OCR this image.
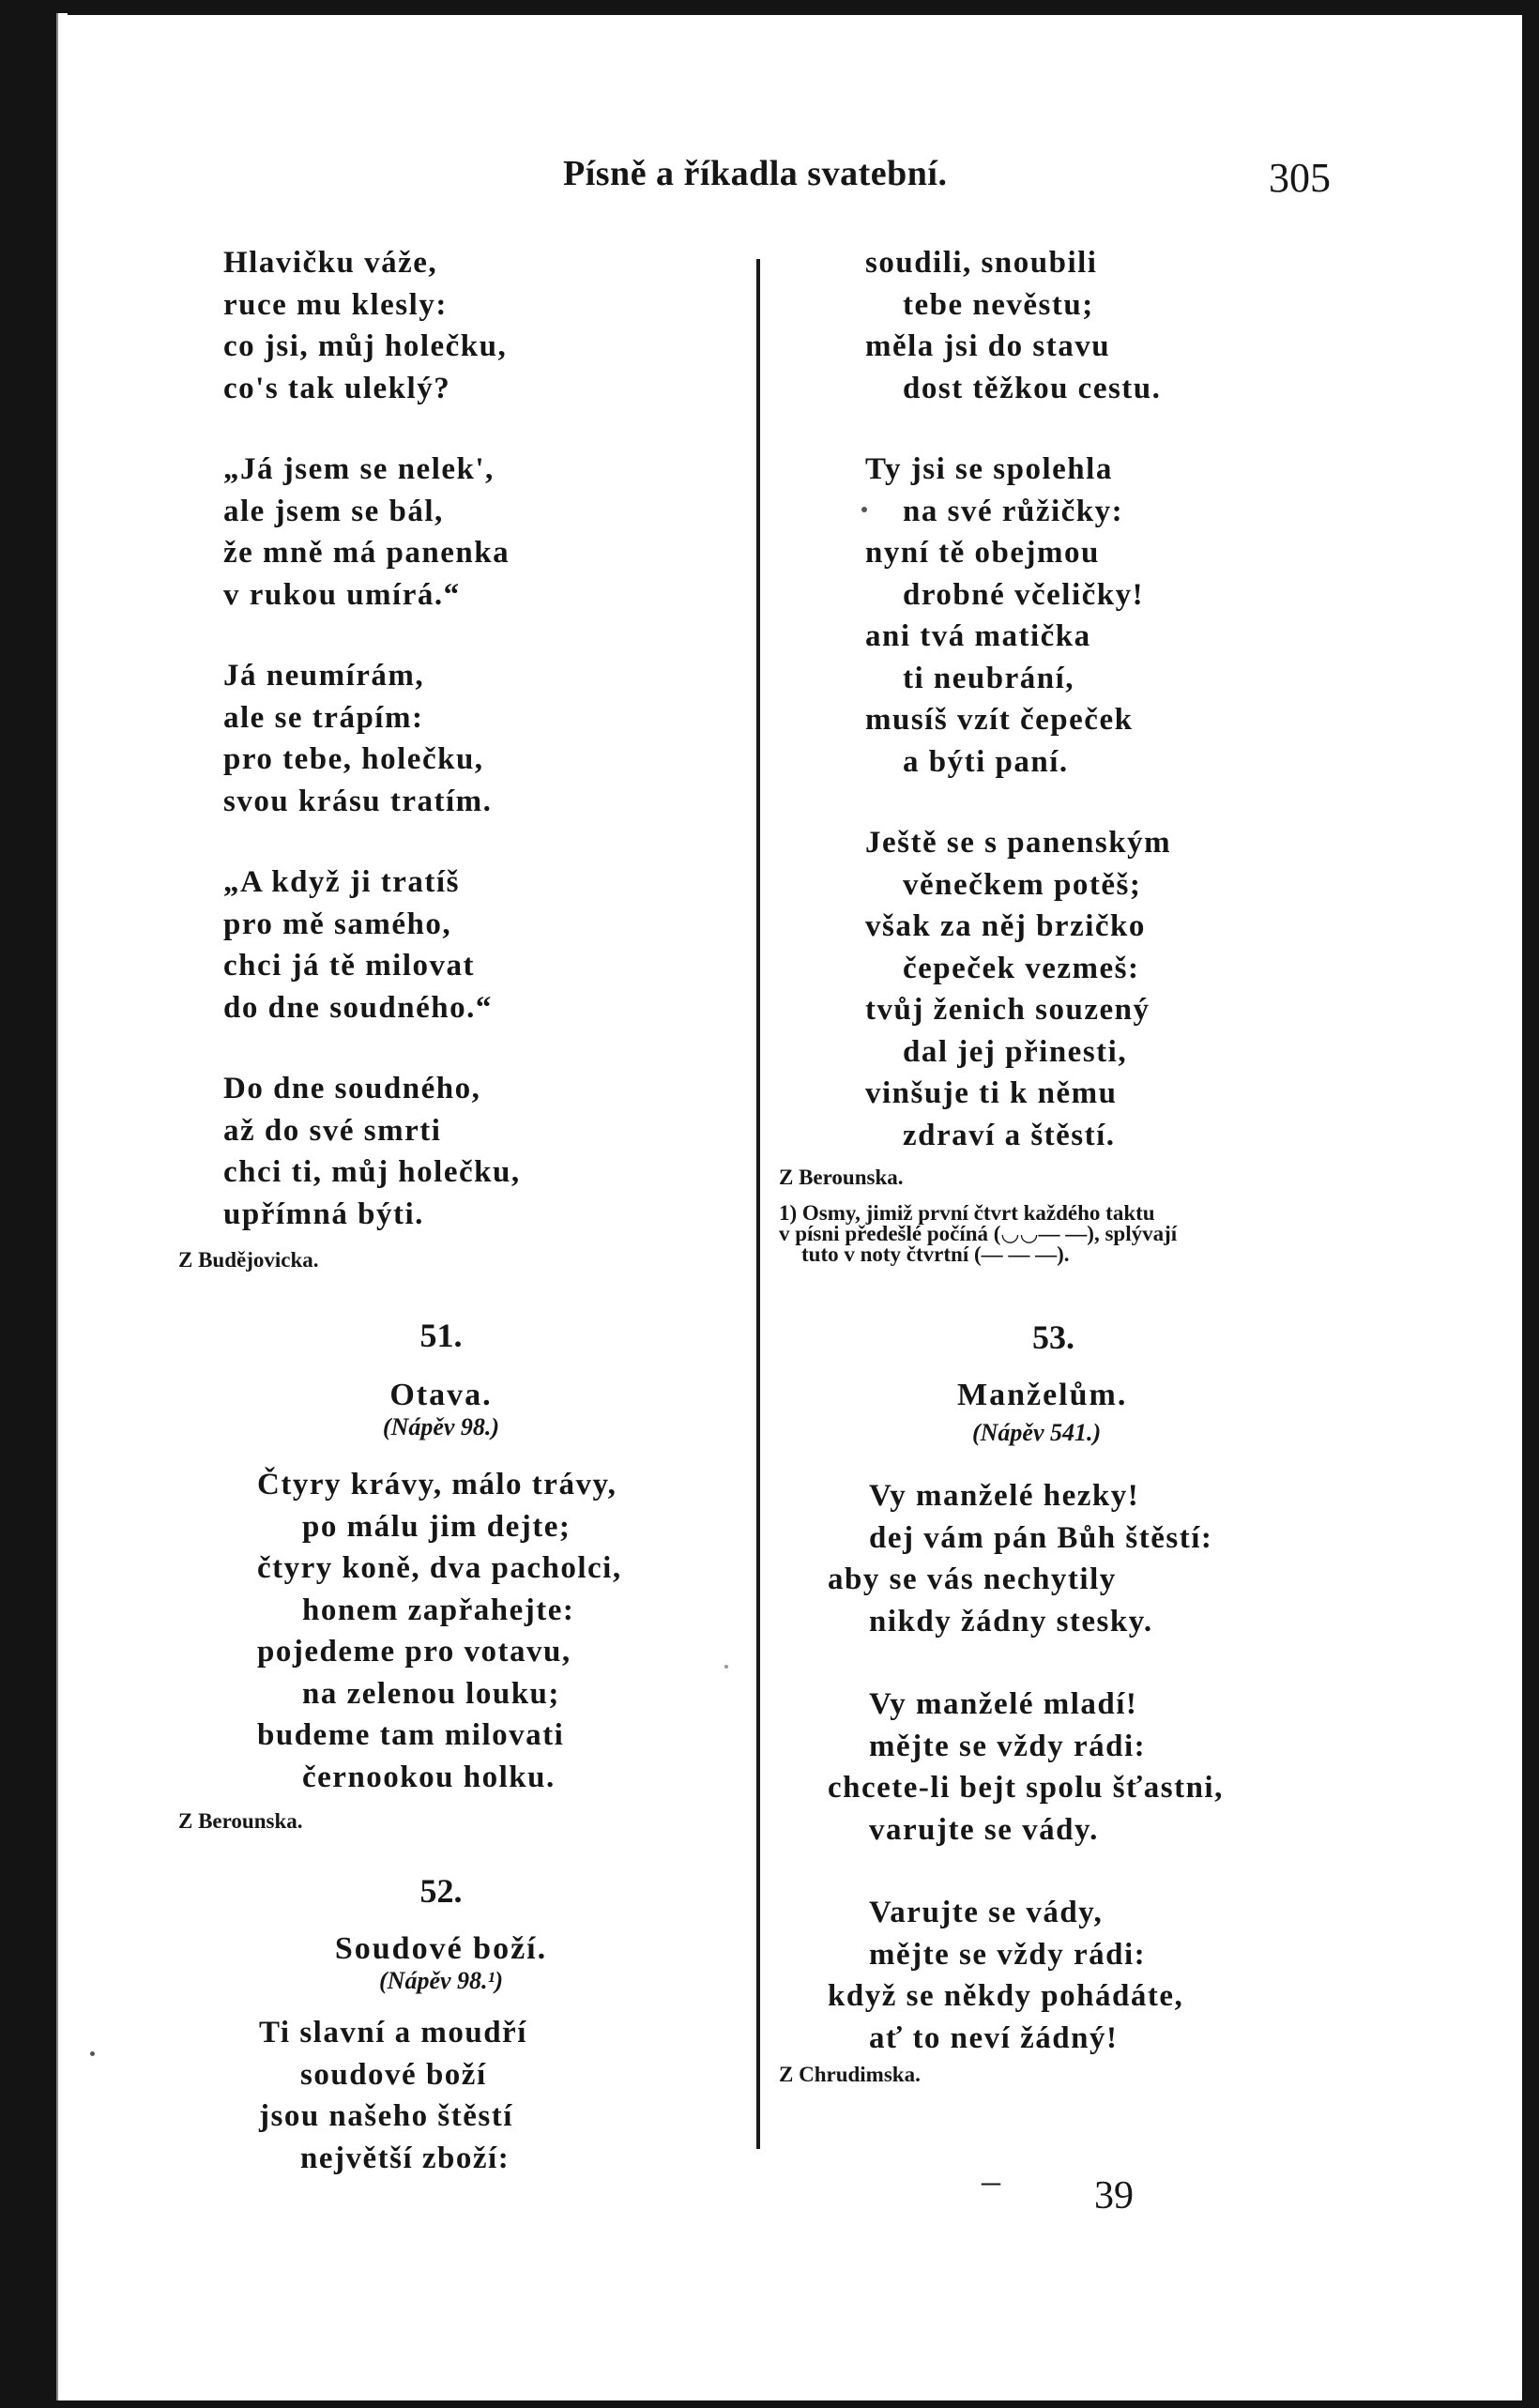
Písně a říkadla svatební.	305
Hlavičku váže,
ruce mu klesly:
co jsi, můj holečku,
co's tak uleklý?
„Já jsem se nelek',
ale jsem se bál,
že mně má panenka
v rukou umírá.“
Já neumírám,
ale se trápím:
pro tebe, holečku,
svou krásu tratím.
„A když ji tratíš
pro mě samého,
chci já tě milovat
do dne soudného.“
Do dne soudného,
až do své smrti
chci ti, můj holečku,
upřímná býti.
Z Budějovicka.
51.
Otava.
(Nápěv 98.)
Čtyry krávy, málo trávy,
po málu jim dejte;
čtyry koně, dva pacholci,
honem zapřahejte:
pojedeme pro votavu,
na zelenou louku;
budeme tam milovati
černookou holku.
Z Berounska.
52.
Soudové boží.
(Nápěv 98.¹)
Ti slavní a moudří
soudové boží
jsou našeho štěstí
největší zboží:
soudili, snoubili
tebe nevěstu;
měla jsi do stavu
dost těžkou cestu.
Ty jsi se spolehla
na své růžičky:
nyní tě obejmou
drobné včeličky!
ani tvá matička
ti neubrání,
musíš vzít čepeček
a býti paní.
Ještě se s panenským
věnečkem potěš;
však za něj brzičko
čepeček vezmeš:
tvůj ženich souzený
dal jej přinesti,
vinšuje ti k němu
zdraví a štěstí.
Z Berounska.
1) Osmy, jimiž první čtvrt každého taktu
v písni předešlé počíná (◡◡— —), splývají
tuto v noty čtvrtní (— — —).
53.
Manželům.
(Nápěv 541.)
Vy manželé hezky!
dej vám pán Bůh štěstí:
aby se vás nechytily
nikdy žádny stesky.
Vy manželé mladí!
mějte se vždy rádi:
chcete-li bejt spolu šťastni,
varujte se vády.
Varujte se vády,
mějte se vždy rádi:
když se někdy pohádáte,
ať to neví žádný!
Z Chrudimska.
– 39
